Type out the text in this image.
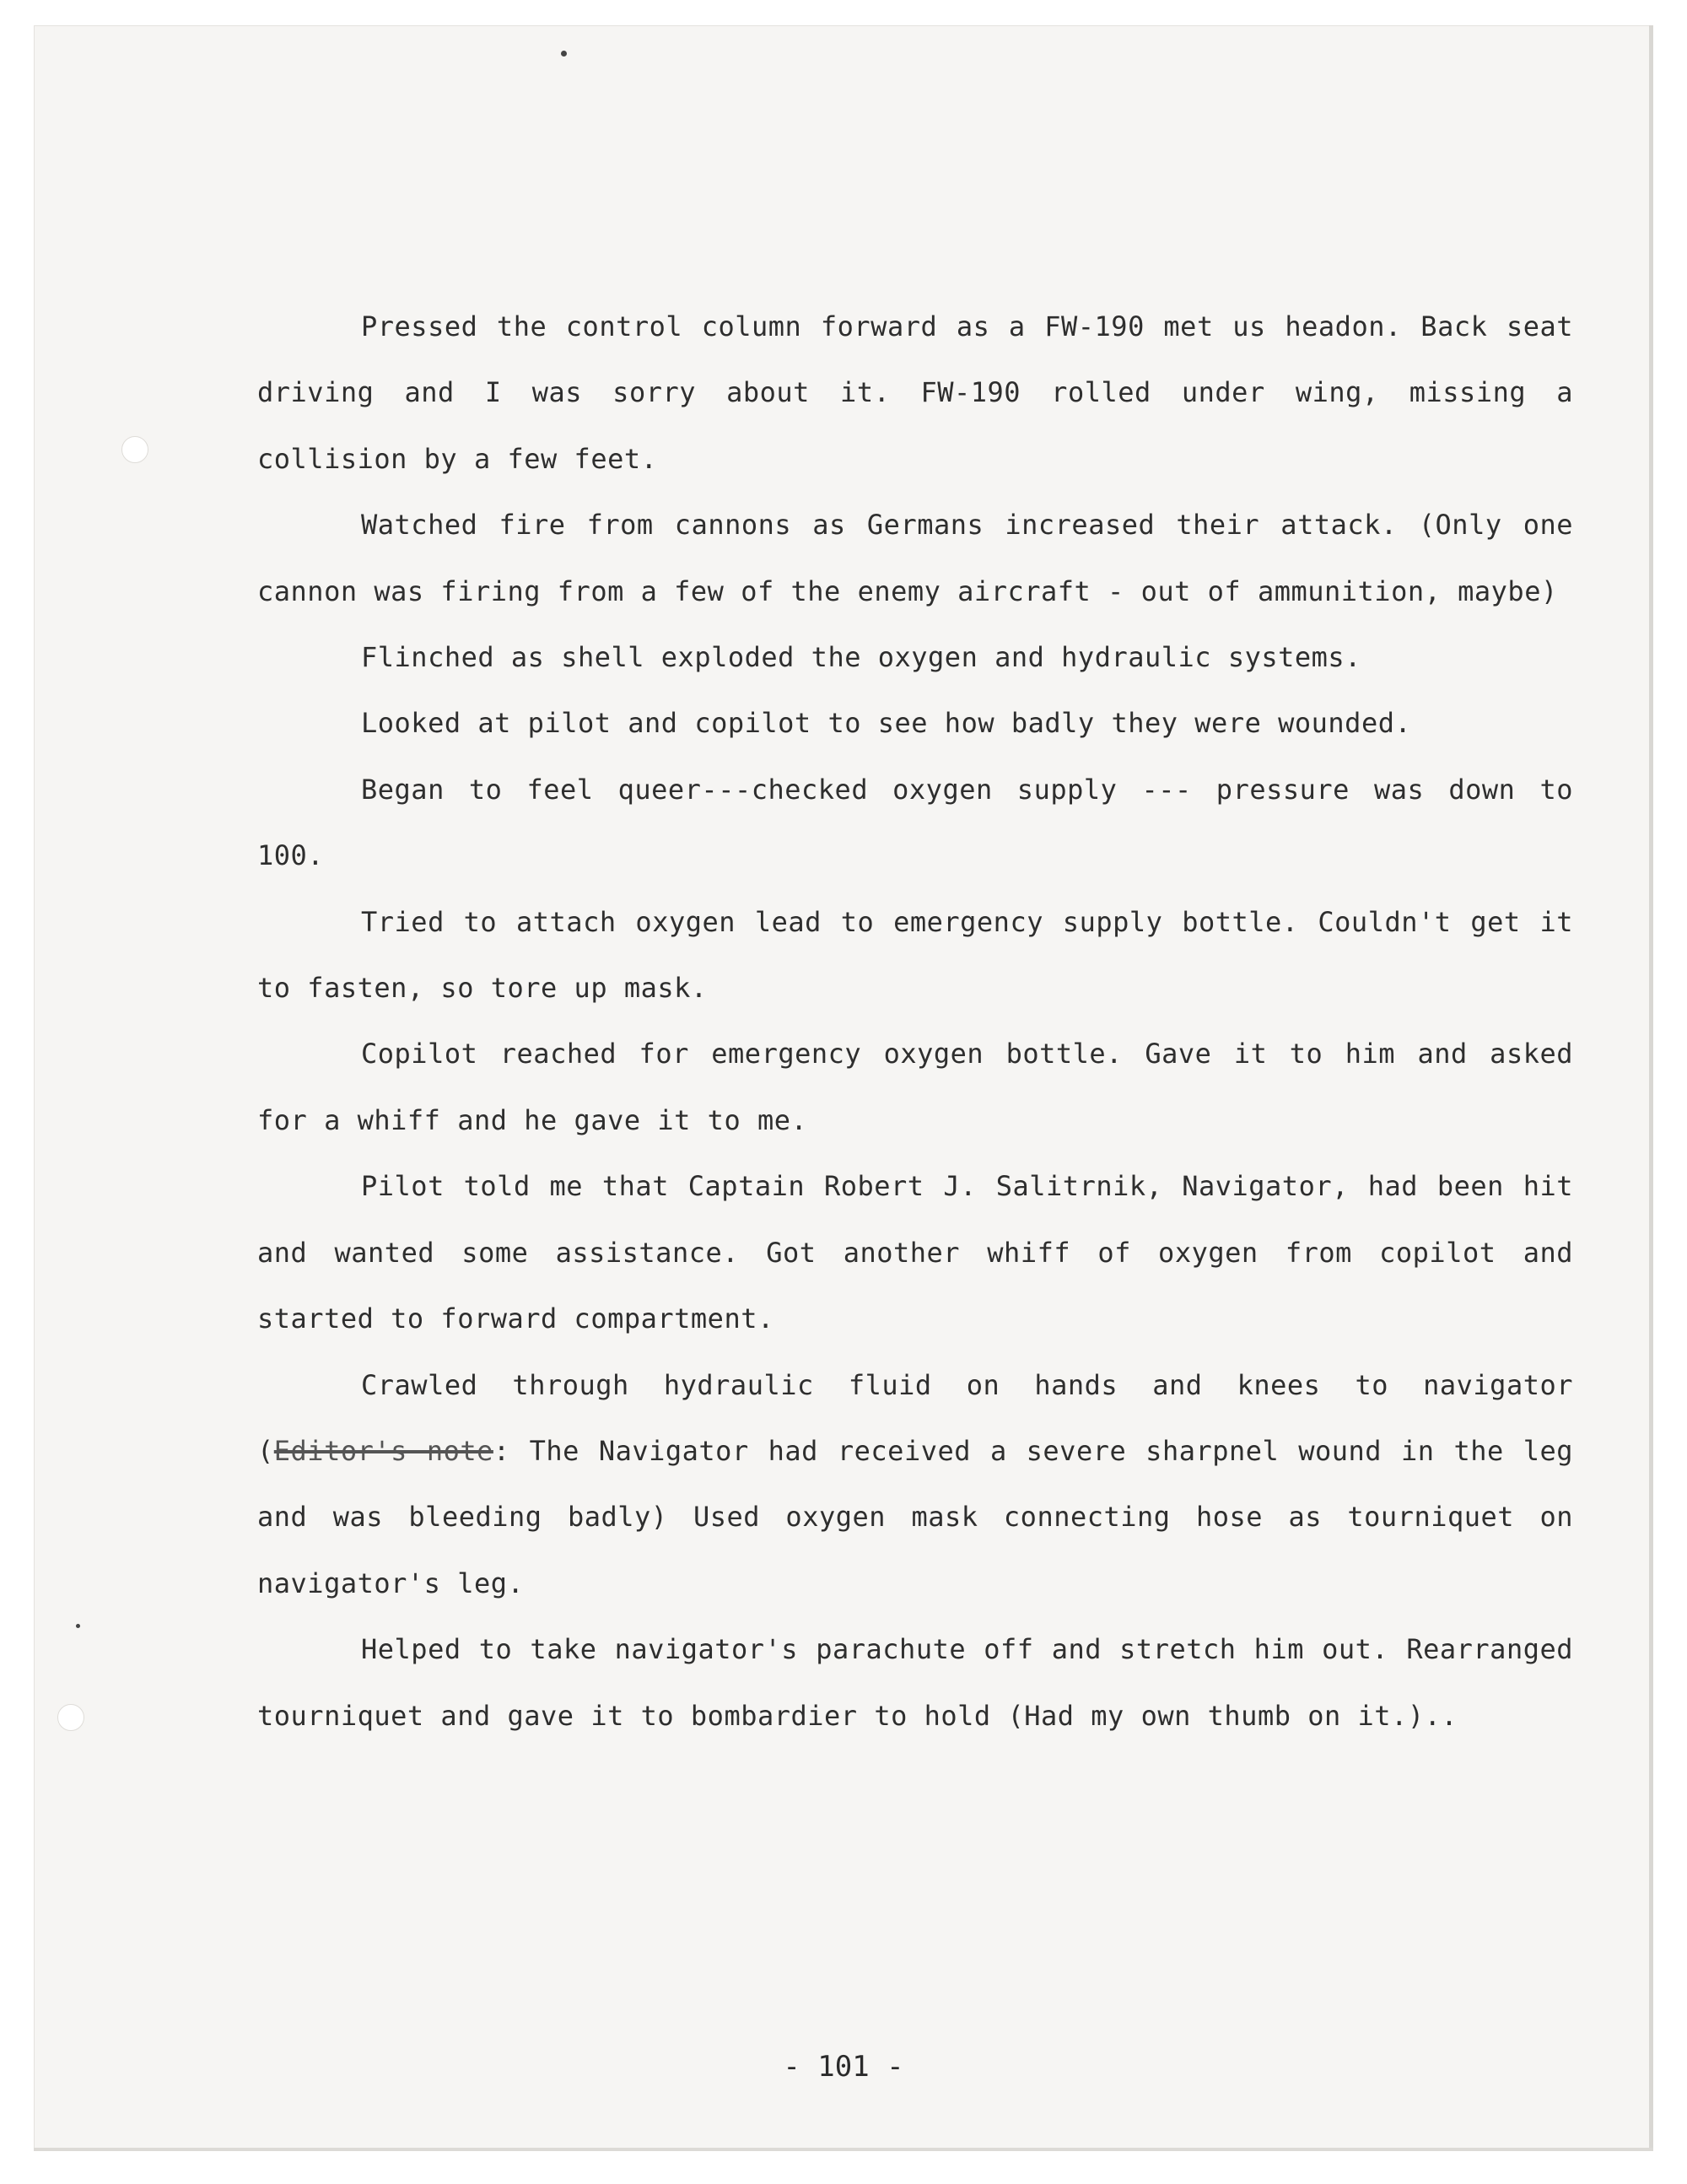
Pressed the control column forward as a FW-190 met us headon. Back seat driving and I was sorry about it. FW-190 rolled under wing, missing a collision by a few feet.

Watched fire from cannons as Germans increased their attack. (Only one cannon was firing from a few of the enemy aircraft - out of ammunition, maybe)

Flinched as shell exploded the oxygen and hydraulic systems.

Looked at pilot and copilot to see how badly they were wounded.

Began to feel queer---checked oxygen supply --- pressure was down to 100.

Tried to attach oxygen lead to emergency supply bottle. Couldn't get it to fasten, so tore up mask.

Copilot reached for emergency oxygen bottle. Gave it to him and asked for a whiff and he gave it to me.

Pilot told me that Captain Robert J. Salitrnik, Navigator, had been hit and wanted some assistance. Got another whiff of oxygen from copilot and started to forward compartment.

Crawled through hydraulic fluid on hands and knees to navigator (Editor's note: The Navigator had received a severe sharpnel wound in the leg and was bleeding badly) Used oxygen mask connecting hose as tourniquet on navigator's leg.

Helped to take navigator's parachute off and stretch him out. Rearranged tourniquet and gave it to bombardier to hold (Had my own thumb on it.)..

- 101 -
